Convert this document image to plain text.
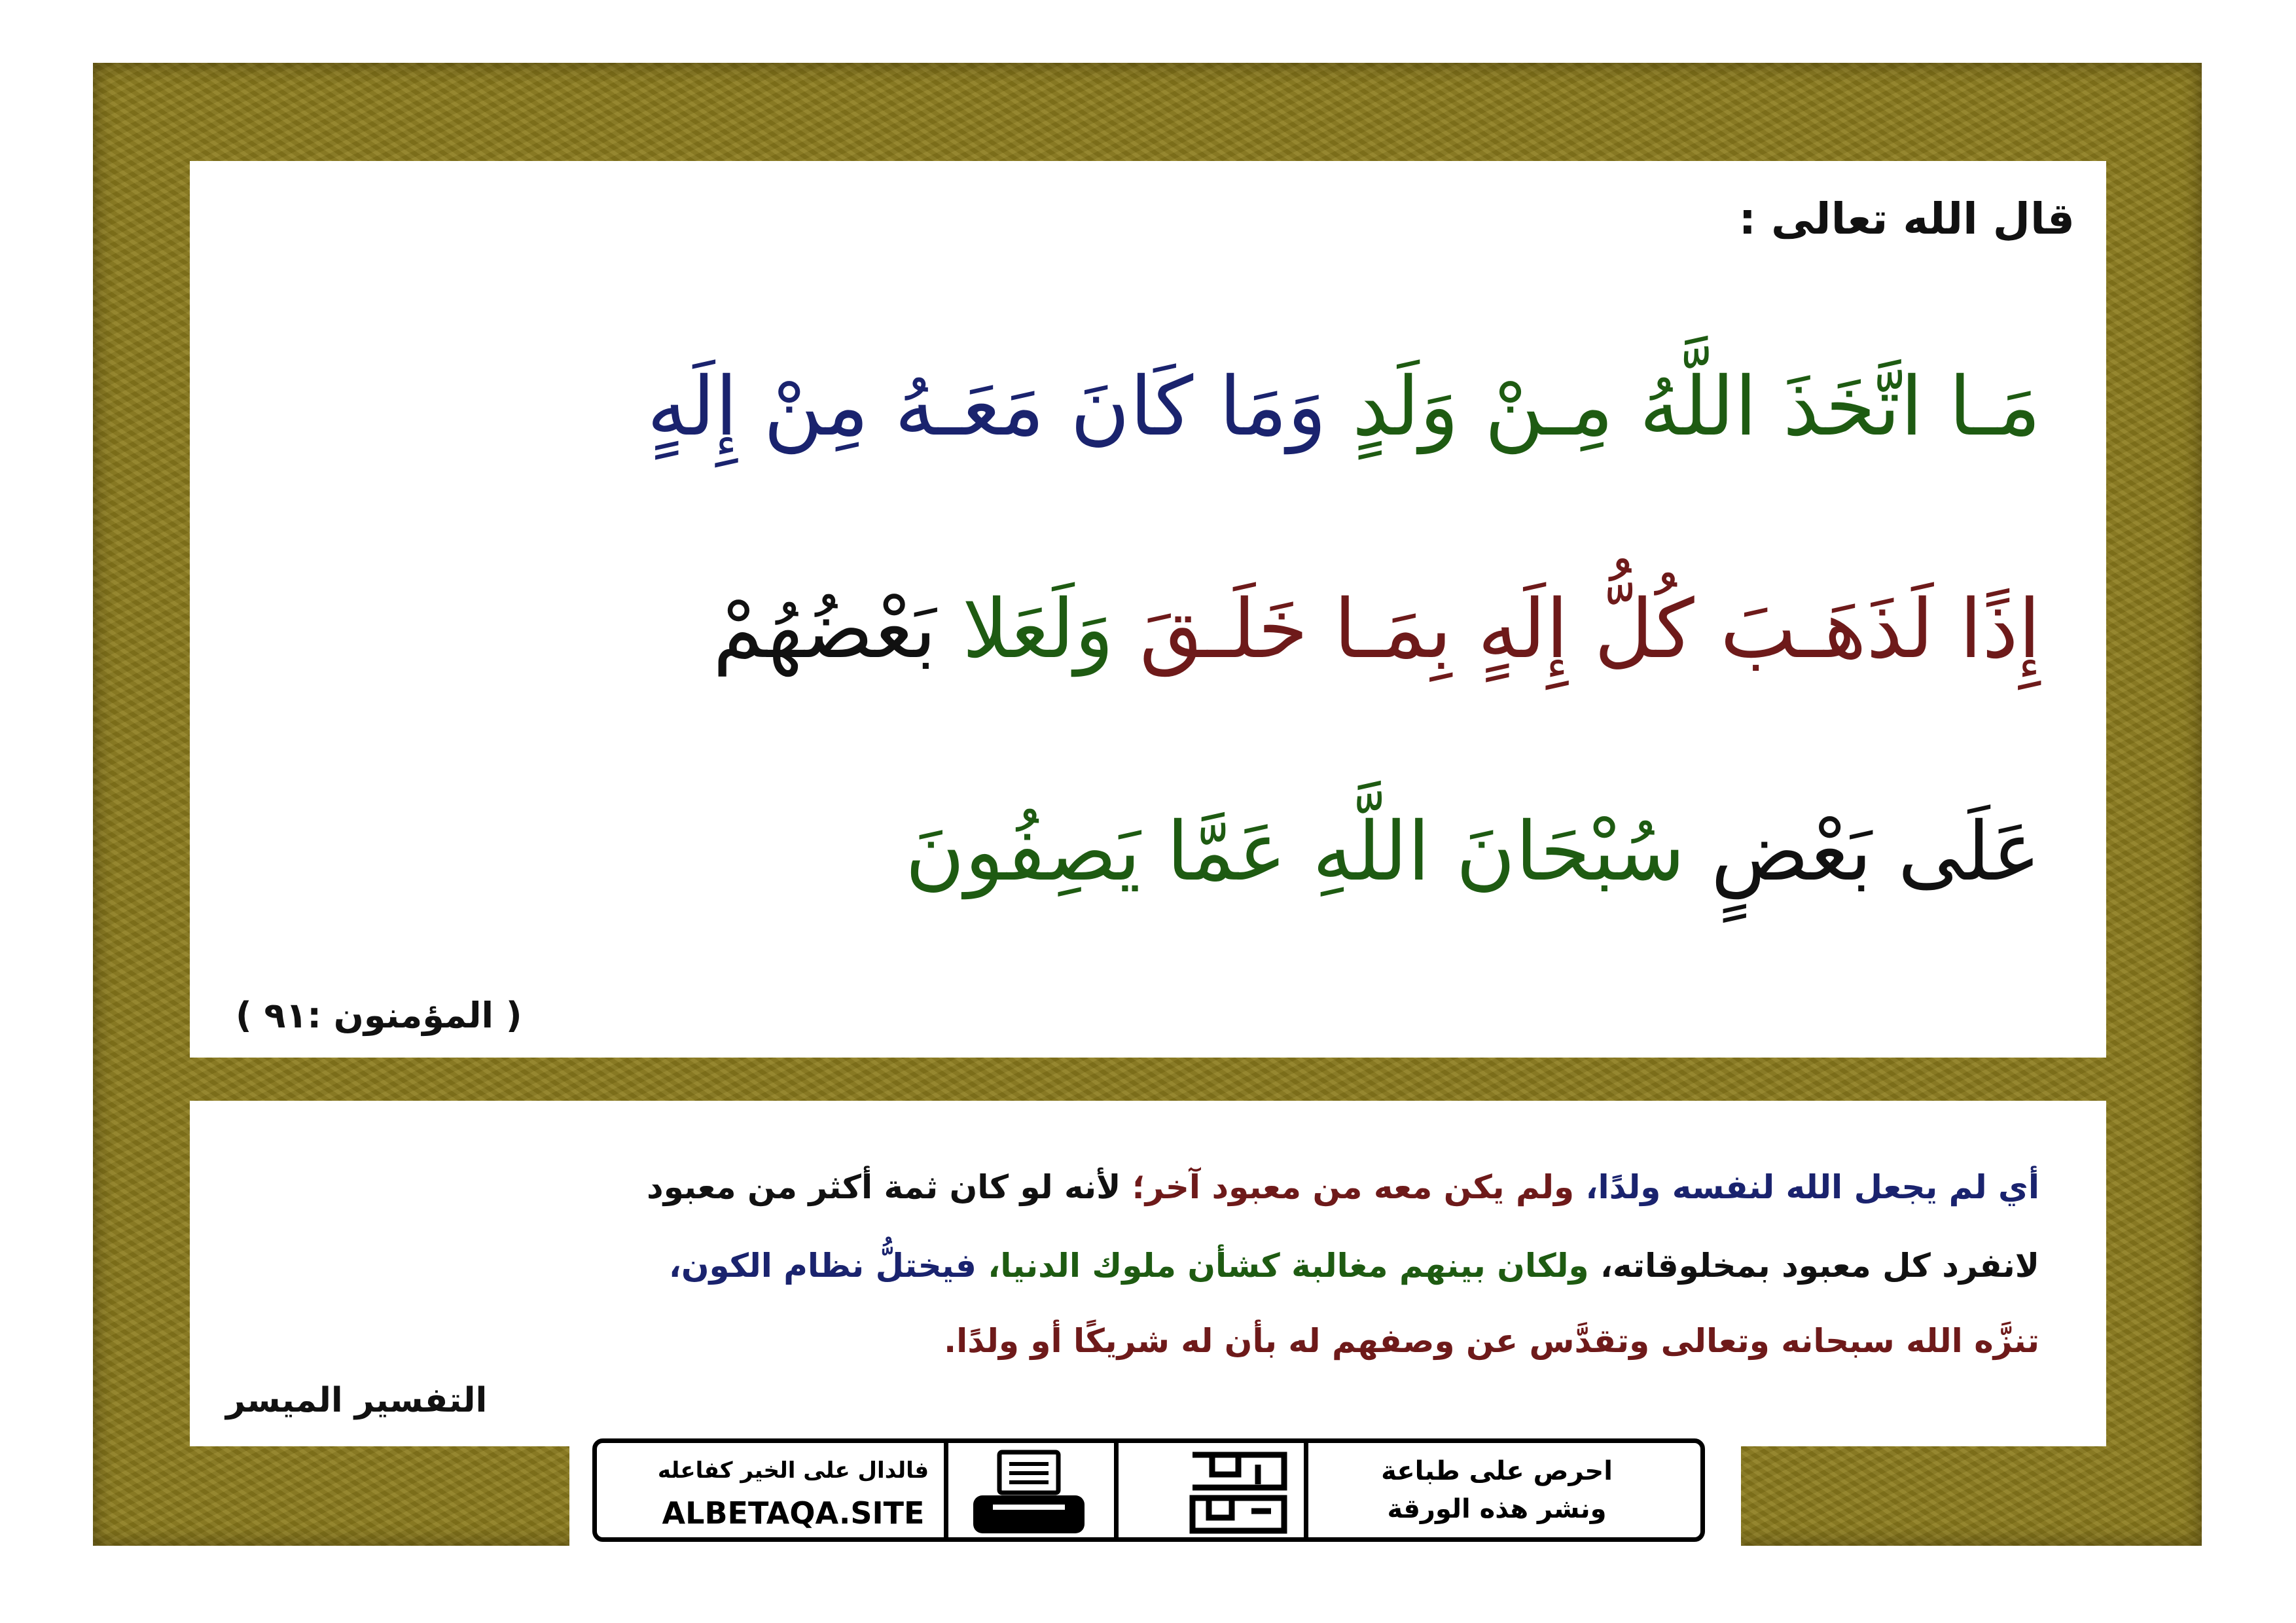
قال الله تعالى :
مَـا اتَّخَذَ اللَّهُ مِـنْ وَلَدٍ وَمَا كَانَ مَعَـهُ مِنْ إِلَهٍ
إِذًا لَذَهَـبَ كُلُّ إِلَهٍ بِمَـا خَلَـقَ وَلَعَلا بَعْضُهُمْ
عَلَى بَعْضٍ سُبْحَانَ اللَّهِ عَمَّا يَصِفُونَ
( المؤمنون :٩١ )
أي لم يجعل الله لنفسه ولدًا، ولم يكن معه من معبود آخر؛ لأنه لو كان ثمة أكثر من معبود
لانفرد كل معبود بمخلوقاته، ولكان بينهم مغالبة كشأن ملوك الدنيا، فيختلُّ نظام الكون،
تنزَّه الله سبحانه وتعالى وتقدَّس عن وصفهم له بأن له شريكًا أو ولدًا.
التفسير الميسر
فالدال على الخير كفاعله
ALBETAQA.SITE
احرص على طباعة
ونشر هذه الورقة
